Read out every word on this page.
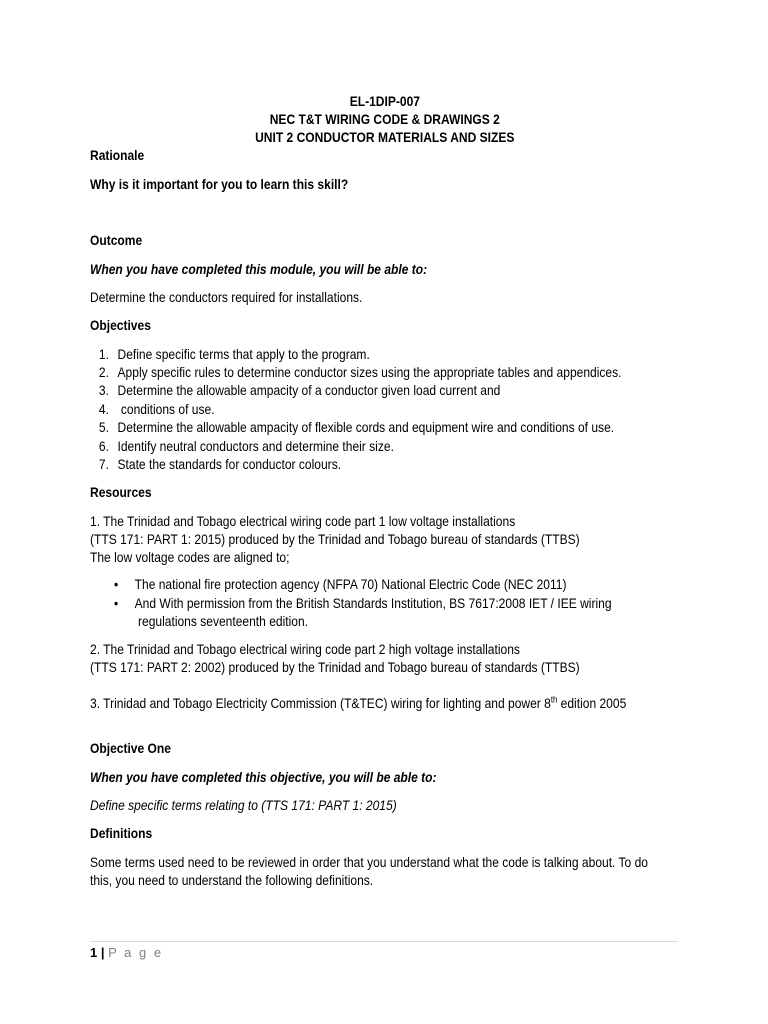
EL-1DIP-007
NEC T&T WIRING CODE & DRAWINGS 2
UNIT 2 CONDUCTOR MATERIALS AND SIZES
Rationale
Why is it important for you to learn this skill?
Outcome
When you have completed this module, you will be able to:
Determine the conductors required for installations.
Objectives
1. Define specific terms that apply to the program.
2. Apply specific rules to determine conductor sizes using the appropriate tables and appendices.
3. Determine the allowable ampacity of a conductor given load current and
4. conditions of use.
5. Determine the allowable ampacity of flexible cords and equipment wire and conditions of use.
6. Identify neutral conductors and determine their size.
7. State the standards for conductor colours.
Resources
1. The Trinidad and Tobago electrical wiring code part 1 low voltage installations
(TTS 171: PART 1: 2015) produced by the Trinidad and Tobago bureau of standards (TTBS)
The low voltage codes are aligned to;
• The national fire protection agency (NFPA 70) National Electric Code (NEC 2011)
• And With permission from the British Standards Institution, BS 7617:2008 IET / IEE wiring
regulations seventeenth edition.
2. The Trinidad and Tobago electrical wiring code part 2 high voltage installations
(TTS 171: PART 2: 2002) produced by the Trinidad and Tobago bureau of standards (TTBS)
3. Trinidad and Tobago Electricity Commission (T&TEC) wiring for lighting and power 8th edition 2005
Objective One
When you have completed this objective, you will be able to:
Define specific terms relating to (TTS 171: PART 1: 2015)
Definitions
Some terms used need to be reviewed in order that you understand what the code is talking about. To do
this, you need to understand the following definitions.
1 | P a g e
